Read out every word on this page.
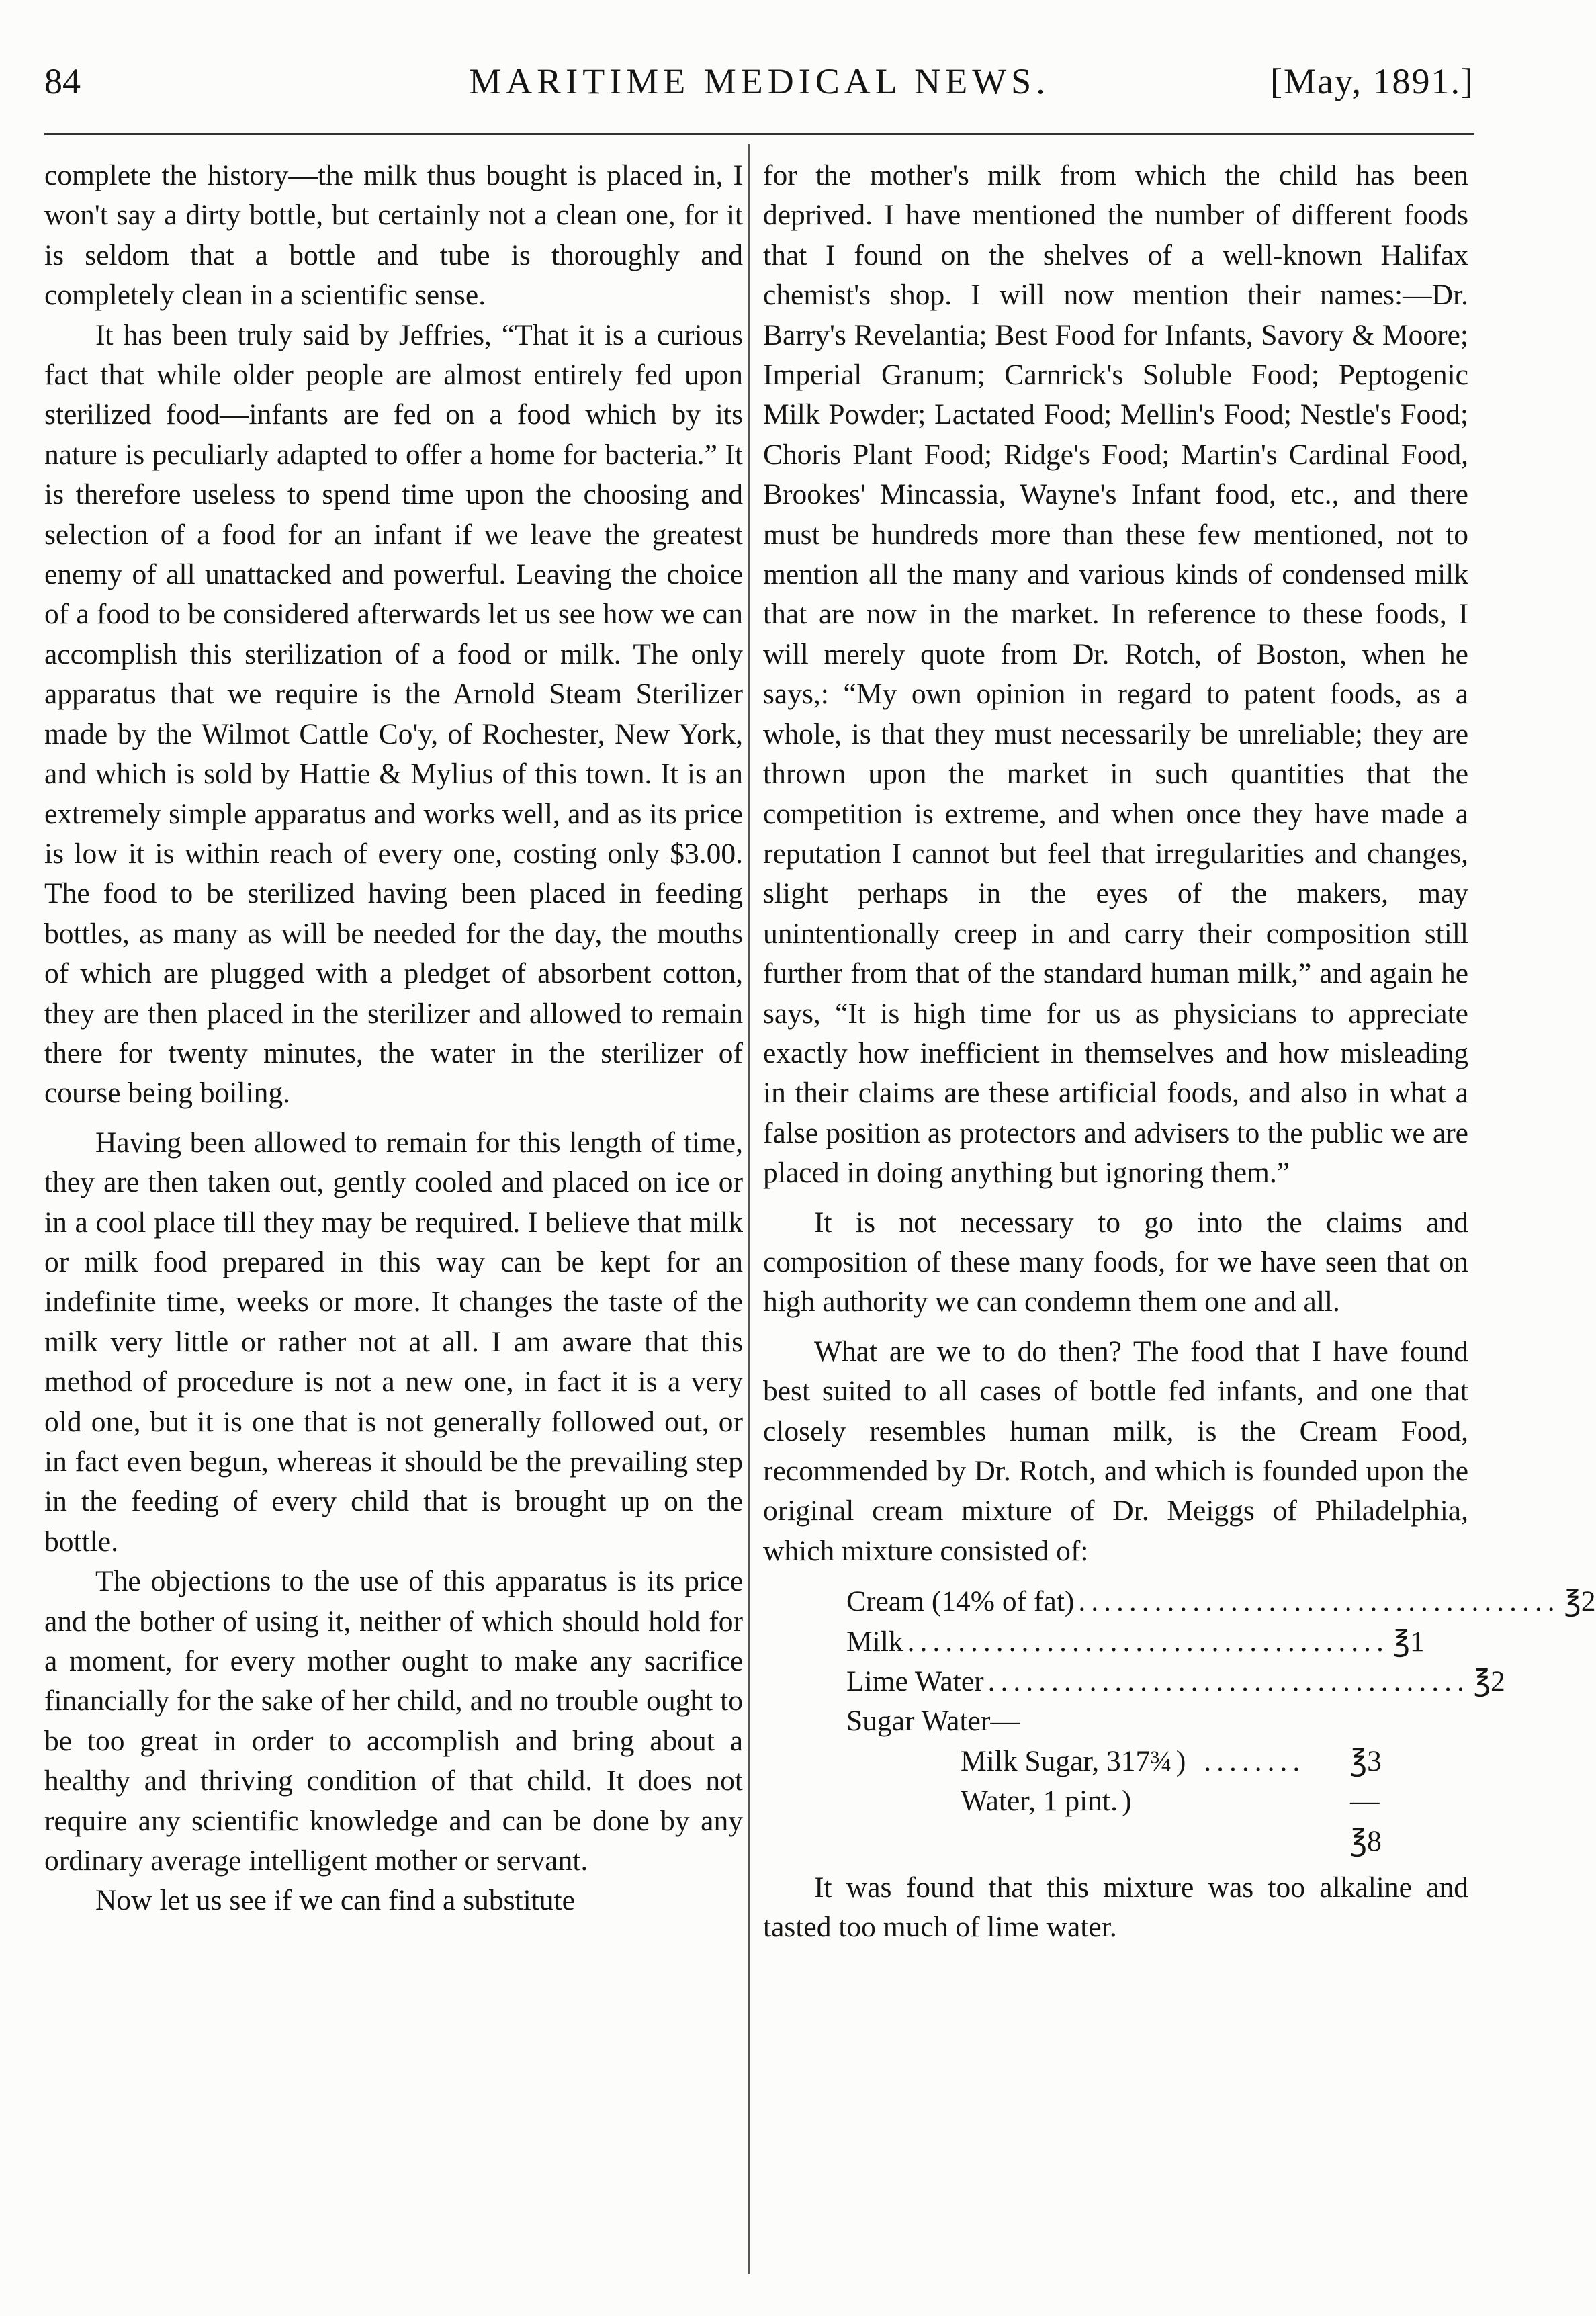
84	MARITIME MEDICAL NEWS.	[May, 1891.]

complete the history—the milk thus bought is placed in, I won't say a dirty bottle, but certainly not a clean one, for it is seldom that a bottle and tube is thoroughly and completely clean in a scientific sense.

It has been truly said by Jeffries, “That it is a curious fact that while older people are almost entirely fed upon sterilized food—infants are fed on a food which by its nature is peculiarly adapted to offer a home for bacteria.” It is therefore useless to spend time upon the choosing and selection of a food for an infant if we leave the greatest enemy of all unattacked and powerful. Leaving the choice of a food to be considered afterwards let us see how we can accomplish this sterilization of a food or milk. The only apparatus that we require is the Arnold Steam Sterilizer made by the Wilmot Cattle Co'y, of Rochester, New York, and which is sold by Hattie & Mylius of this town. It is an extremely simple apparatus and works well, and as its price is low it is within reach of every one, costing only $3.00. The food to be sterilized having been placed in feeding bottles, as many as will be needed for the day, the mouths of which are plugged with a pledget of absorbent cotton, they are then placed in the sterilizer and allowed to remain there for twenty minutes, the water in the sterilizer of course being boiling.

Having been allowed to remain for this length of time, they are then taken out, gently cooled and placed on ice or in a cool place till they may be required. I believe that milk or milk food prepared in this way can be kept for an indefinite time, weeks or more. It changes the taste of the milk very little or rather not at all. I am aware that this method of procedure is not a new one, in fact it is a very old one, but it is one that is not generally followed out, or in fact even begun, whereas it should be the prevailing step in the feeding of every child that is brought up on the bottle.

The objections to the use of this apparatus is its price and the bother of using it, neither of which should hold for a moment, for every mother ought to make any sacrifice financially for the sake of her child, and no trouble ought to be too great in order to accomplish and bring about a healthy and thriving condition of that child. It does not require any scientific knowledge and can be done by any ordinary average intelligent mother or servant.

Now let us see if we can find a substitute

for the mother's milk from which the child has been deprived. I have mentioned the number of different foods that I found on the shelves of a well-known Halifax chemist's shop. I will now mention their names:—Dr. Barry's Revelantia; Best Food for Infants, Savory & Moore; Imperial Granum; Carnrick's Soluble Food; Peptogenic Milk Powder; Lactated Food; Mellin's Food; Nestle's Food; Choris Plant Food; Ridge's Food; Martin's Cardinal Food, Brookes' Mincassia, Wayne's Infant food, etc., and there must be hundreds more than these few mentioned, not to mention all the many and various kinds of condensed milk that are now in the market. In reference to these foods, I will merely quote from Dr. Rotch, of Boston, when he says,: “My own opinion in regard to patent foods, as a whole, is that they must necessarily be unreliable; they are thrown upon the market in such quantities that the competition is extreme, and when once they have made a reputation I cannot but feel that irregularities and changes, slight perhaps in the eyes of the makers, may unintentionally creep in and carry their composition still further from that of the standard human milk,” and again he says, “It is high time for us as physicians to appreciate exactly how inefficient in themselves and how misleading in their claims are these artificial foods, and also in what a false position as protectors and advisers to the public we are placed in doing anything but ignoring them.”

It is not necessary to go into the claims and composition of these many foods, for we have seen that on high authority we can condemn them one and all.

What are we to do then? The food that I have found best suited to all cases of bottle fed infants, and one that closely resembles human milk, is the Cream Food, recommended by Dr. Rotch, and which is founded upon the original cream mixture of Dr. Meiggs of Philadelphia, which mixture consisted of:

Cream (14% of fat) ...................................... ℥2
Milk ...................................... ℥1
Lime Water ...................................... ℥2
Sugar Water—
Milk Sugar, 317¾ ) ........	℥3
Water, 1 pint. )	—
℥8

It was found that this mixture was too alkaline and tasted too much of lime water.
